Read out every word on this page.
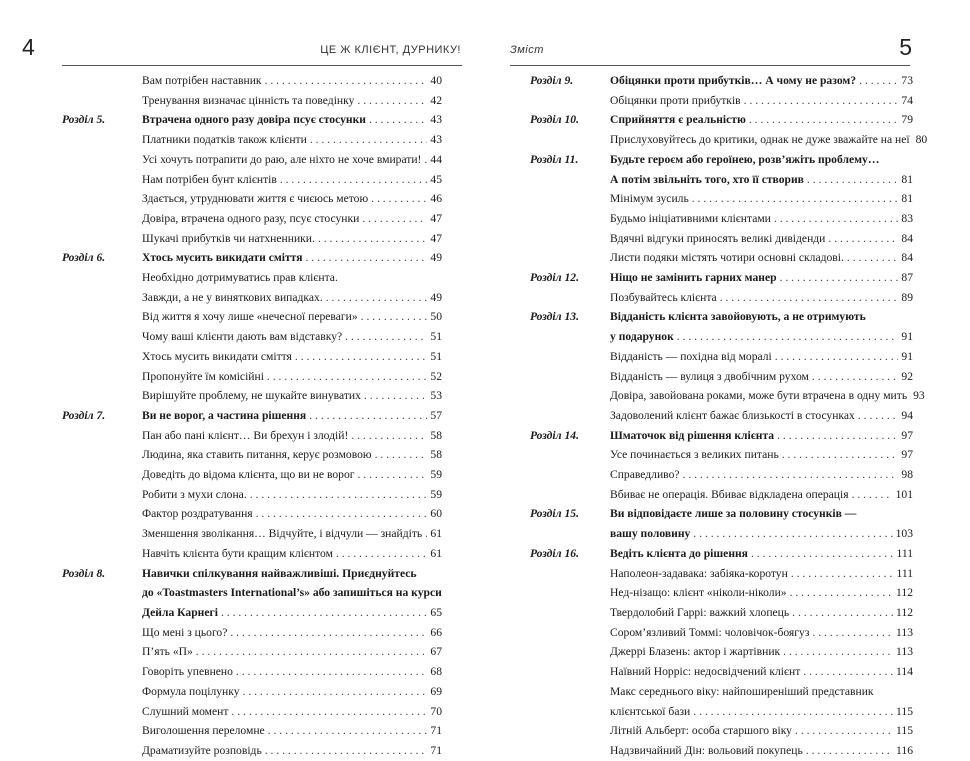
4	ЦЕ Ж КЛІЄНТ, ДУРНИКУ!
Вам потрібен наставник . . .	40
Тренування визначає цінність та поведінку . . .	42
Розділ 5.	Втрачена одного разу довіра псує стосунки . . .	43
Платники податків також клієнти . . .	43
Усі хочуть потрапити до раю, але ніхто не хоче вмирати! . . . 44
Нам потрібен бунт клієнтів . . .	45
Здається, утруднювати життя є чиєюсь метою . . .	46
Довіра, втрачена одного разу, псує стосунки . . .	47
Шукачі прибутків чи натхненники. . . .	47
Розділ 6.	Хтось мусить викидати сміття . . .	49
Необхідно дотримуватись прав клієнта.
Завжди, а не у виняткових випадках. . . .	49
Від життя я хочу лише «нечесної переваги» . . .	50
Чому ваші клієнти дають вам відставку? . . .	51
Хтось мусить викидати сміття . . .	51
Пропонуйте їм комісійні . . .	52
Вирішуйте проблему, не шукайте винуватих . . .	53
Розділ 7.	Ви не ворог, а частина рішення . . .	57
Пан або пані клієнт… Ви брехун і злодій! . . .	58
Людина, яка ставить питання, керує розмовою . . .	58
Доведіть до відома клієнта, що ви не ворог . . .	59
Робити з мухи слона. . . .	59
Фактор роздратування . . .	60
Зменшення зволікання… Відчуйте, і відчули — знайдіть . . . 61
Навчіть клієнта бути кращим клієнтом . . .	61
Розділ 8.	Навички спілкування найважливіші. Приєднуйтесь
до «Toastmasters International’s» або запишіться на курси
Дейла Карнегі . . .	65
Що мені з цього? . . .	66
П’ять «П» . . .	67
Говоріть упевнено . . .	68
Формула поцілунку . . .	69
Слушний момент . . .	70
Виголошення переломне . . .	71
Драматизуйте розповідь . . .	71
5
Зміст
Розділ 9.	Обіцянки проти прибутків… А чому не разом? . . .	73
Обіцянки проти прибутків . . .	74
Розділ 10.	Сприйняття є реальністю . . .	79
Прислуховуйтесь до критики, однак не дуже зважайте на неї 80
Розділ 11.	Будьте героєм або героїнею, розв’яжіть проблему…
А потім звільніть того, хто її створив . . .	81
Мінімум зусиль . . .	81
Будьмо ініціативними клієнтами . . .	83
Вдячні відгуки приносять великі дивіденди . . .	84
Листи подяки містять чотири основні складові. . . .	84
Розділ 12.	Ніщо не замінить гарних манер . . .	87
Позбувайтесь клієнта . . .	89
Розділ 13.	Відданість клієнта завойовують, а не отримують
у подарунок . . .	91
Відданість — похідна від моралі . . .	91
Відданість — вулиця з двобічним рухом . . .	92
Довіра, завойована роками, може бути втрачена в одну мить 93
Задоволений клієнт бажає близькості в стосунках . . .	94
Розділ 14.	Шматочок від рішення клієнта . . .	97
Усе починається з великих питань . . .	97
Справедливо? . . .	98
Вбиває не операція. Вбиває відкладена операція . . .	101
Розділ 15.	Ви відповідаєте лише за половину стосунків —
вашу половину . . .	103
Розділ 16.	Ведіть клієнта до рішення . . .	111
Наполеон-задавака: забіяка-коротун . . .	111
Нед-нізащо: клієнт «ніколи-ніколи» . . .	112
Твердолобий Гаррі: важкий хлопець . . .	112
Сором’язливий Томмі: чоловічок-боягуз . . .	113
Джеррі Блазень: актор і жартівник . . .	113
Наївний Норріс: недосвідчений клієнт . . .	114
Макс середнього віку: найпоширеніший представник
клієнтської бази . . .	115
Літній Альберт: особа старшого віку . . .	115
Надзвичайний Дін: вольовий покупець . . .	116
